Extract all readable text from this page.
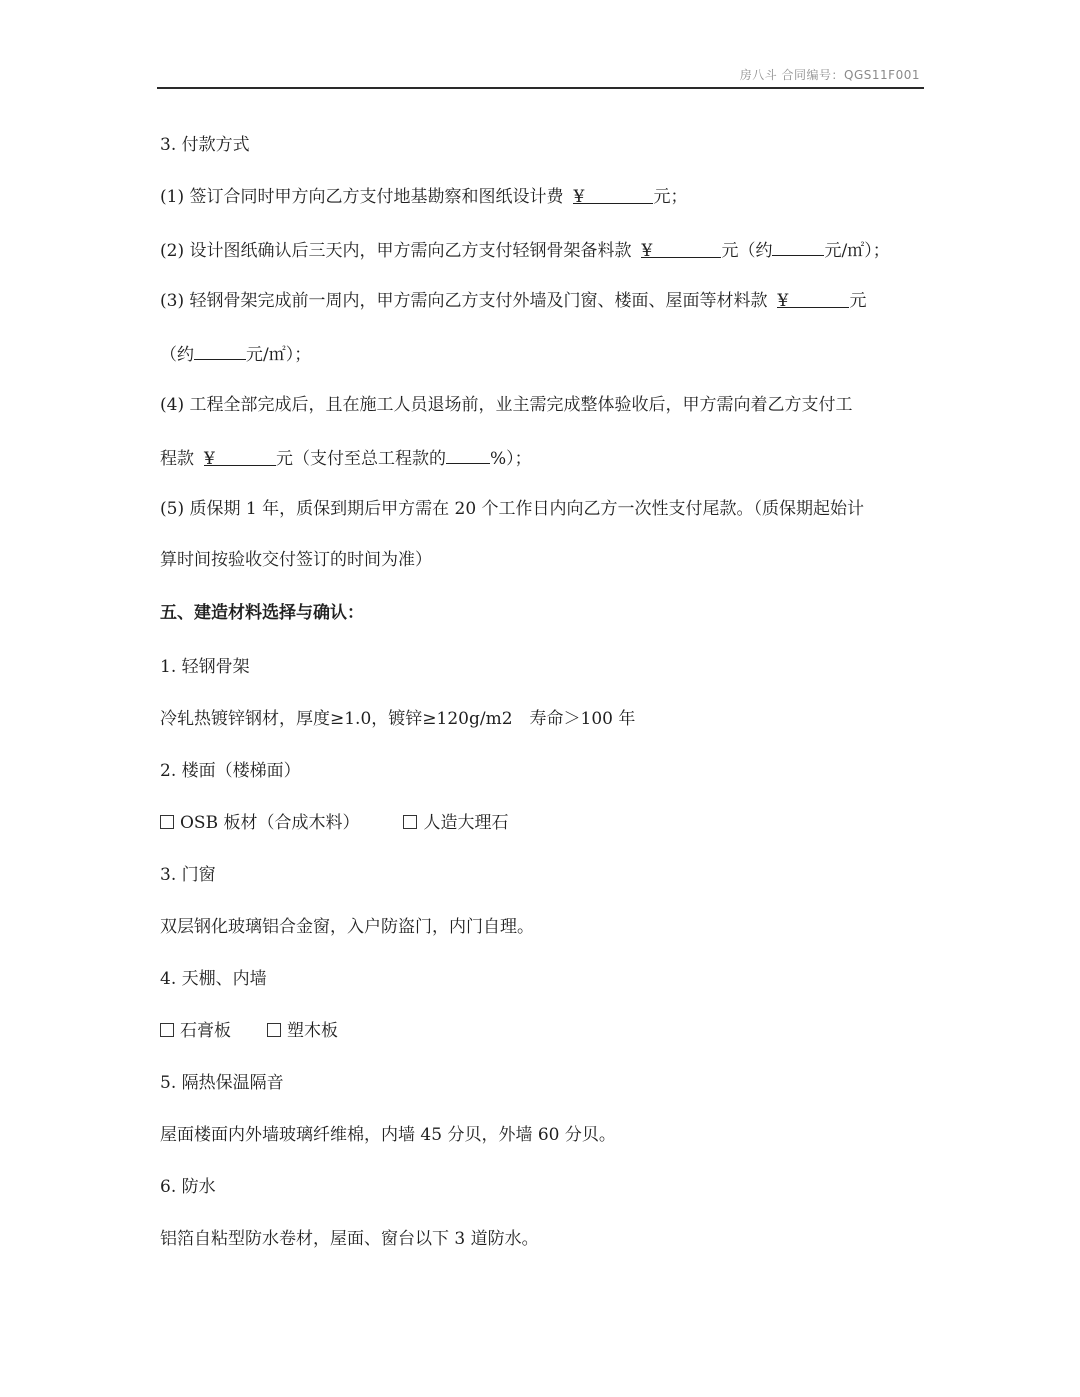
房八斗 合同编号：QGS11F001
3. 付款方式
(1) 签订合同时甲方向乙方支付地基勘察和图纸设计费 ¥	元；
(2) 设计图纸确认后三天内，甲方需向乙方支付轻钢骨架备料款 ¥	元（约	元/㎡）；
(3) 轻钢骨架完成前一周内，甲方需向乙方支付外墙及门窗、楼面、屋面等材料款 ¥	元
（约	元/㎡）；
(4) 工程全部完成后，且在施工人员退场前，业主需完成整体验收后，甲方需向着乙方支付工
程款 ¥	元（支付至总工程款的	%）；
(5) 质保期 1 年，质保到期后甲方需在 20 个工作日内向乙方一次性支付尾款。（质保期起始计
算时间按验收交付签订的时间为准）
五、建造材料选择与确认：
1. 轻钢骨架
冷轧热镀锌钢材，厚度≥1.0，镀锌≥120g/m2　寿命＞100 年
2. 楼面（楼梯面）
OSB 板材（合成木料）	人造大理石
3. 门窗
双层钢化玻璃铝合金窗，入户防盗门，内门自理。
4. 天棚、内墙
石膏板	塑木板
5. 隔热保温隔音
屋面楼面内外墙玻璃纤维棉，内墙 45 分贝，外墙 60 分贝。
6. 防水
铝箔自粘型防水卷材，屋面、窗台以下 3 道防水。
